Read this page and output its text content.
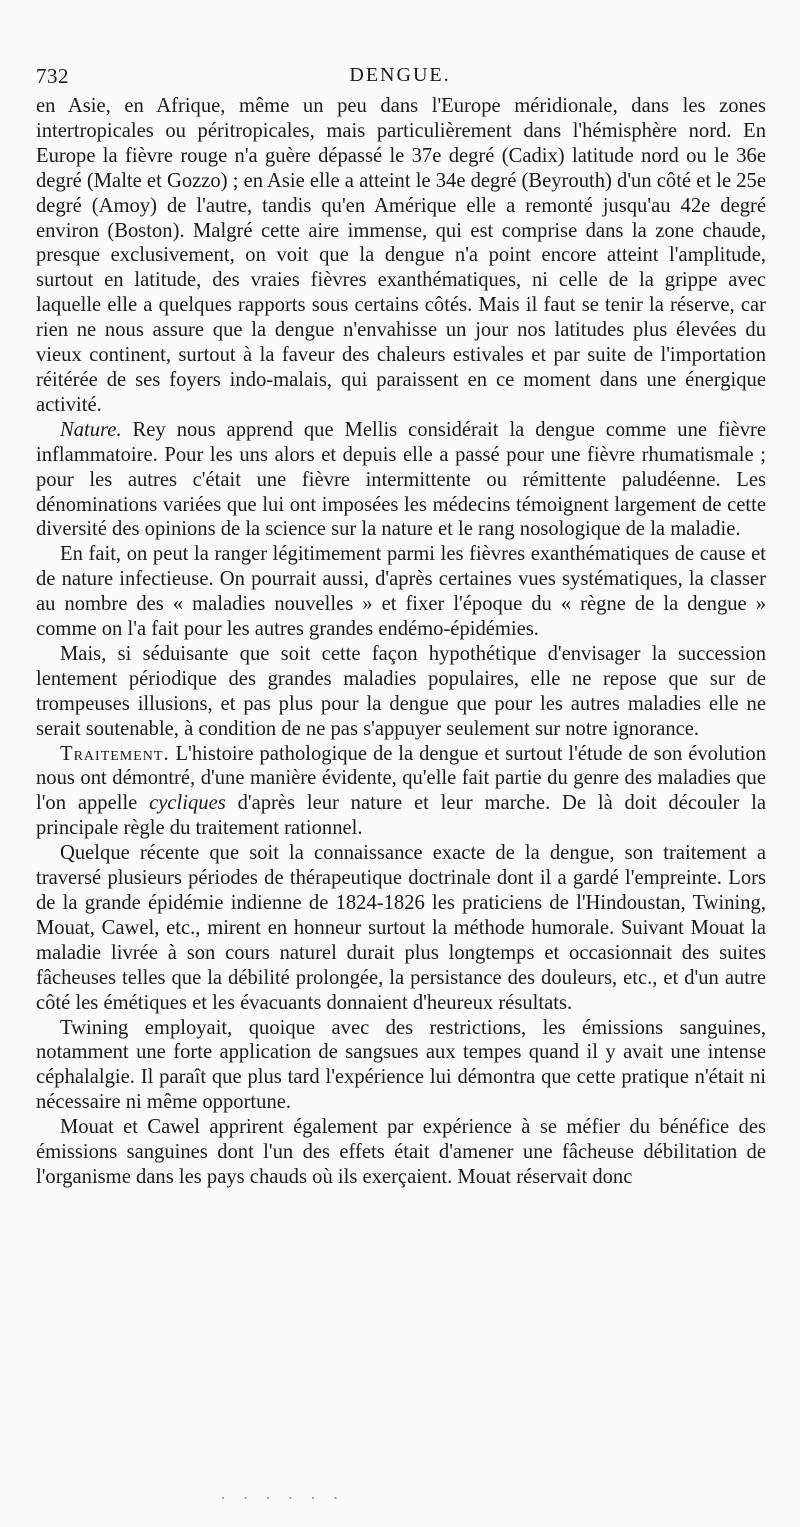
732	DENGUE.

en Asie, en Afrique, même un peu dans l'Europe méridionale, dans les zones intertropicales ou péritropicales, mais particulièrement dans l'hémisphère nord. En Europe la fièvre rouge n'a guère dépassé le 37e degré (Cadix) latitude nord ou le 36e degré (Malte et Gozzo) ; en Asie elle a atteint le 34e degré (Beyrouth) d'un côté et le 25e degré (Amoy) de l'autre, tandis qu'en Amérique elle a remonté jusqu'au 42e degré environ (Boston). Malgré cette aire immense, qui est comprise dans la zone chaude, presque exclusivement, on voit que la dengue n'a point encore atteint l'amplitude, surtout en latitude, des vraies fièvres exanthématiques, ni celle de la grippe avec laquelle elle a quelques rapports sous certains côtés. Mais il faut se tenir la réserve, car rien ne nous assure que la dengue n'envahisse un jour nos latitudes plus élevées du vieux continent, surtout à la faveur des chaleurs estivales et par suite de l'importation réitérée de ses foyers indo-malais, qui paraissent en ce moment dans une énergique activité.

Nature. Rey nous apprend que Mellis considérait la dengue comme une fièvre inflammatoire. Pour les uns alors et depuis elle a passé pour une fièvre rhumatismale ; pour les autres c'était une fièvre intermittente ou rémittente paludéenne. Les dénominations variées que lui ont imposées les médecins témoignent largement de cette diversité des opinions de la science sur la nature et le rang nosologique de la maladie.

En fait, on peut la ranger légitimement parmi les fièvres exanthématiques de cause et de nature infectieuse. On pourrait aussi, d'après certaines vues systématiques, la classer au nombre des « maladies nouvelles » et fixer l'époque du « règne de la dengue » comme on l'a fait pour les autres grandes endémo-épidémies.

Mais, si séduisante que soit cette façon hypothétique d'envisager la succession lentement périodique des grandes maladies populaires, elle ne repose que sur de trompeuses illusions, et pas plus pour la dengue que pour les autres maladies elle ne serait soutenable, à condition de ne pas s'appuyer seulement sur notre ignorance.

Traitement. L'histoire pathologique de la dengue et surtout l'étude de son évolution nous ont démontré, d'une manière évidente, qu'elle fait partie du genre des maladies que l'on appelle cycliques d'après leur nature et leur marche. De là doit découler la principale règle du traitement rationnel.

Quelque récente que soit la connaissance exacte de la dengue, son traitement a traversé plusieurs périodes de thérapeutique doctrinale dont il a gardé l'empreinte. Lors de la grande épidémie indienne de 1824-1826 les praticiens de l'Hindoustan, Twining, Mouat, Cawel, etc., mirent en honneur surtout la méthode humorale. Suivant Mouat la maladie livrée à son cours naturel durait plus longtemps et occasionnait des suites fâcheuses telles que la débilité prolongée, la persistance des douleurs, etc., et d'un autre côté les émétiques et les évacuants donnaient d'heureux résultats.

Twining employait, quoique avec des restrictions, les émissions sanguines, notamment une forte application de sangsues aux tempes quand il y avait une intense céphalalgie. Il paraît que plus tard l'expérience lui démontra que cette pratique n'était ni nécessaire ni même opportune.

Mouat et Cawel apprirent également par expérience à se méfier du bénéfice des émissions sanguines dont l'un des effets était d'amener une fâcheuse débilitation de l'organisme dans les pays chauds où ils exerçaient. Mouat réservait donc

· · · · · ·
